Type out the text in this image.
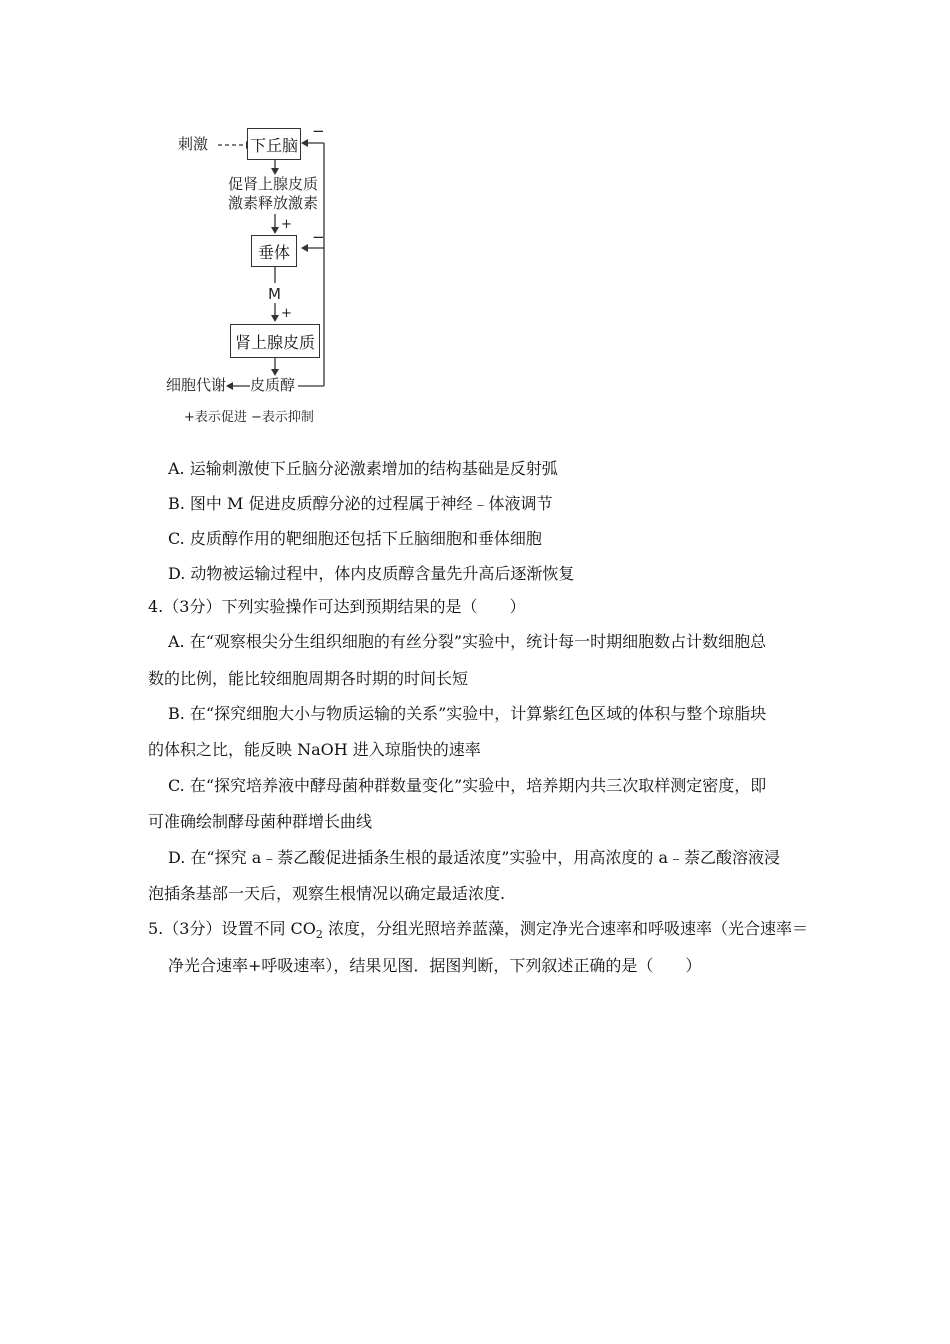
刺激	下丘脑
−
促肾上腺皮质
激素释放激素
+
垂体
−
M
+
肾上腺皮质
细胞代谢 皮质醇
+表示促进 −表示抑制
A. 运输刺激使下丘脑分泌激素增加的结构基础是反射弧
B. 图中 M 促进皮质醇分泌的过程属于神经﹣体液调节
C. 皮质醇作用的靶细胞还包括下丘脑细胞和垂体细胞
D. 动物被运输过程中，体内皮质醇含量先升高后逐渐恢复
4.（3分）下列实验操作可达到预期结果的是（　　）
A. 在“观察根尖分生组织细胞的有丝分裂”实验中，统计每一时期细胞数占计数细胞总
数的比例，能比较细胞周期各时期的时间长短
B. 在“探究细胞大小与物质运输的关系”实验中，计算紫红色区域的体积与整个琼脂块
的体积之比，能反映 NaOH 进入琼脂快的速率
C. 在“探究培养液中酵母菌种群数量变化”实验中，培养期内共三次取样测定密度，即
可准确绘制酵母菌种群增长曲线
D. 在“探究 a﹣萘乙酸促进插条生根的最适浓度”实验中，用高浓度的 a﹣萘乙酸溶液浸
泡插条基部一天后，观察生根情况以确定最适浓度.
5.（3分）设置不同 $CO_2$ 浓度，分组光照培养蓝藻，测定净光合速率和呼吸速率（光合速率＝
净光合速率+呼吸速率），结果见图．据图判断，下列叙述正确的是（　　）
